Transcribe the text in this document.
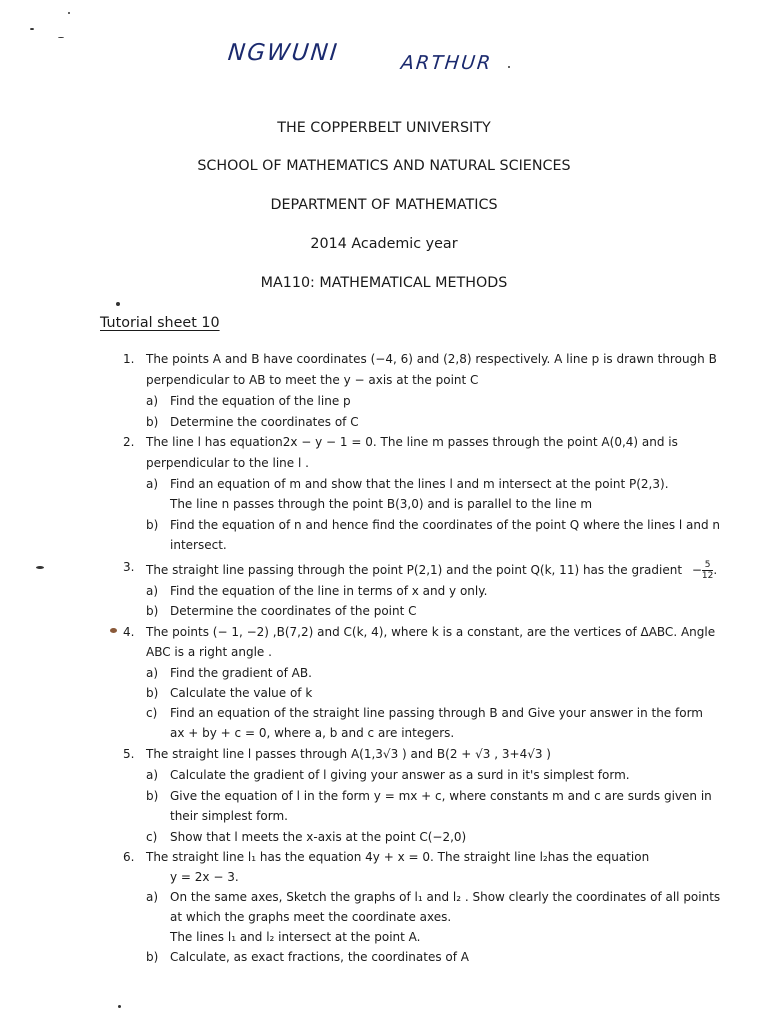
NGWUNI	ARTHUR
THE COPPERBELT UNIVERSITY
SCHOOL OF MATHEMATICS AND NATURAL SCIENCES
DEPARTMENT OF MATHEMATICS
2014 Academic year
MA110: MATHEMATICAL METHODS
Tutorial sheet 10
1. The points A and B have coordinates (−4, 6) and (2,8) respectively. A line p is drawn through B
perpendicular to AB to meet the y − axis at the point C
a) Find the equation of the line p
b) Determine the coordinates of C
2. The line l has equation2x − y − 1 = 0. The line m passes through the point A(0,4) and is
perpendicular to the line l .
a) Find an equation of m and show that the lines l and m intersect at the point P(2,3).
The line n passes through the point B(3,0) and is parallel to the line m
b) Find the equation of n and hence find the coordinates of the point Q where the lines l and n
intersect.
3. The straight line passing through the point P(2,1) and the point Q(k, 11) has the gradient − $\frac{5}{12}$ .
a) Find the equation of the line in terms of x and y only.
b) Determine the coordinates of the point C
4. The points (− 1, −2) ,B(7,2) and C(k, 4), where k is a constant, are the vertices of ΔABC. Angle
ABC is a right angle .
a) Find the gradient of AB.
b) Calculate the value of k
c) Find an equation of the straight line passing through B and Give your answer in the form
ax + by + c = 0, where a, b and c are integers.
5. The straight line l passes through A(1,3√3 ) and B(2 + √3 , 3+4√3 )
a) Calculate the gradient of l giving your answer as a surd in it's simplest form.
b) Give the equation of l in the form y = mx + c, where constants m and c are surds given in
their simplest form.
c) Show that l meets the x-axis at the point C(−2,0)
6. The straight line l₁ has the equation 4y + x = 0. The straight line l₂has the equation
y = 2x − 3.
a) On the same axes, Sketch the graphs of l₁ and l₂ . Show clearly the coordinates of all points
at which the graphs meet the coordinate axes.
The lines l₁ and l₂ intersect at the point A.
b) Calculate, as exact fractions, the coordinates of A
